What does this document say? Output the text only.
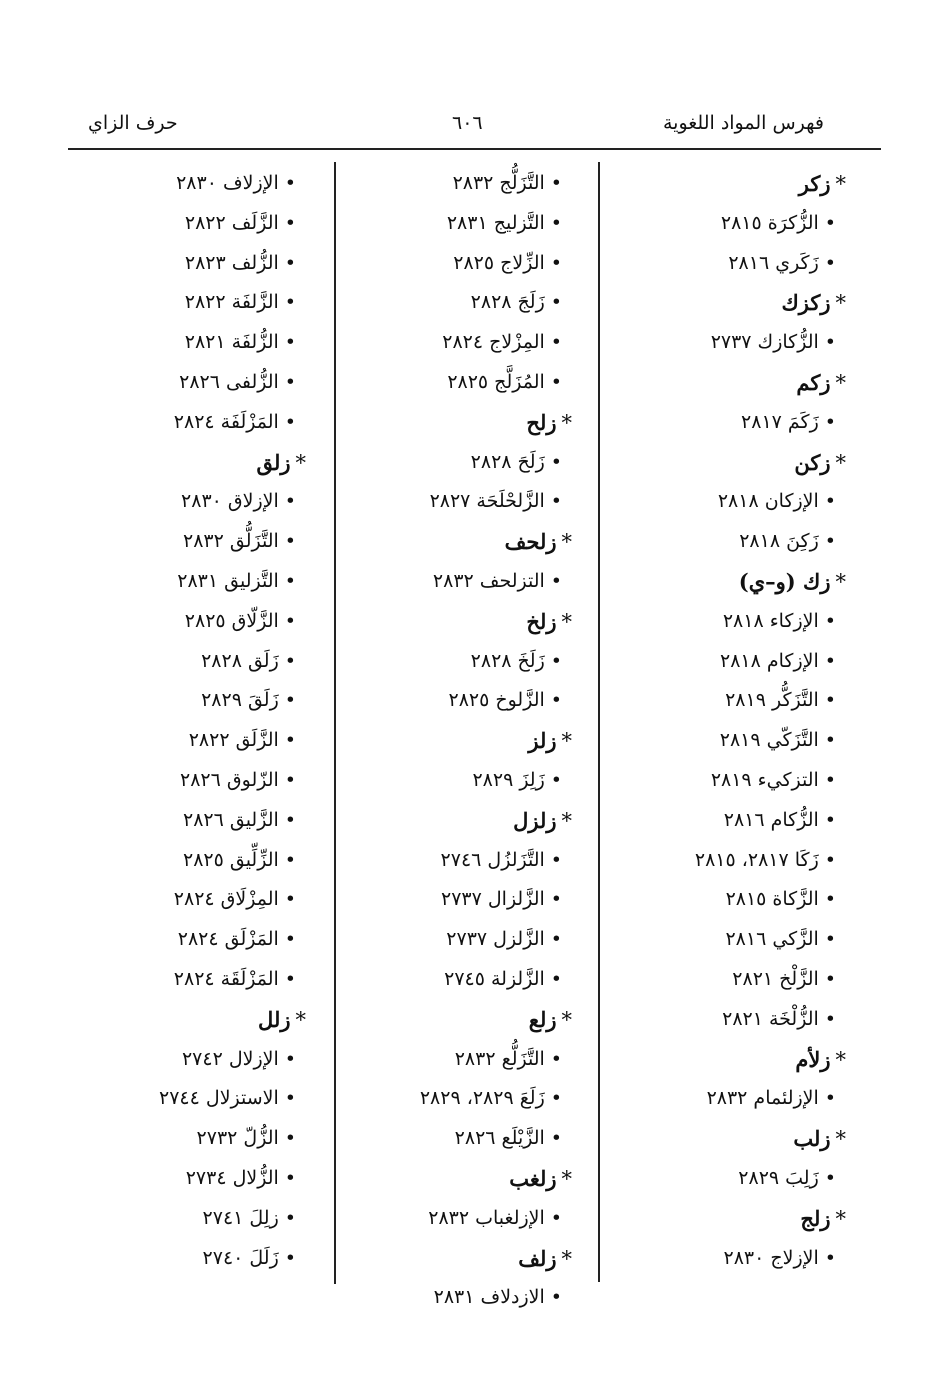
فهرس المواد اللغوية
٦٠٦
حرف الزاي
*زكر
•الزُّكرَة ٢٨١٥
•زَكَري ٢٨١٦
*زكزك
•الزُّكازك ٢٧٣٧
*زكم
•زَكَمَ ٢٨١٧
*زكن
•الإزكان ٢٨١٨
•زَكِنَ ٢٨١٨
*زك (و–ي)
•الإزكاء ٢٨١٨
•الإزكام ٢٨١٨
•التَّزَكُّر ٢٨١٩
•التَّزَكّي ٢٨١٩
•التزكيء ٢٨١٩
•الزُّكام ٢٨١٦
•زَكَا ٢٨١٧، ٢٨١٥
•الزَّكاة ٢٨١٥
•الزَّكي ٢٨١٦
•الزَّلْخ ٢٨٢١
•الزُّلْخَة ٢٨٢١
*زلأم
•الإزلئمام ٢٨٣٢
*زلب
•زَلِبَ ٢٨٢٩
*زلج
•الإزلاج ٢٨٣٠
•التَّزَلُّج ٢٨٣٢
•التَّزليج ٢٨٣١
•الزِّلاج ٢٨٢٥
•زَلَجَ ٢٨٢٨
•المِزْلاج ٢٨٢٤
•المُزَلَّج ٢٨٢٥
*زلح
•زَلَحَ ٢٨٢٨
•الزَّلحْلَحَة ٢٨٢٧
*زلحف
•التزلحف ٢٨٣٢
*زلخ
•زَلَخَ ٢٨٢٨
•الزَّلوخ ٢٨٢٥
*زلز
•زَلِزَ ٢٨٢٩
*زلزل
•التَّزَلزُل ٢٧٤٦
•الزَّلزال ٢٧٣٧
•الزَّلزل ٢٧٣٧
•الزَّلزلة ٢٧٤٥
*زلع
•التَّزَلُّع ٢٨٣٢
•زَلَعَ ٢٨٢٩، ٢٨٢٩
•الزَّيْلَع ٢٨٢٦
*زلغب
•الإزلغباب ٢٨٣٢
*زلف
•الازدلاف ٢٨٣١
•الإزلاف ٢٨٣٠
•الزَّلَف ٢٨٢٢
•الزُّلف ٢٨٢٣
•الزَّلفَة ٢٨٢٢
•الزُّلفَة ٢٨٢١
•الزُّلفى ٢٨٢٦
•المَزْلَفَة ٢٨٢٤
*زلق
•الإزلاق ٢٨٣٠
•التَّزَلُّق ٢٨٣٢
•التَّزليق ٢٨٣١
•الزَّلّاق ٢٨٢٥
•زَلَق ٢٨٢٨
•زَلَقَ ٢٨٢٩
•الزَّلَق ٢٨٢٢
•الزّلوق ٢٨٢٦
•الزَّليق ٢٨٢٦
•الزِّلِّيق ٢٨٢٥
•المِزْلَاق ٢٨٢٤
•المَزْلَق ٢٨٢٤
•المَزْلَقَة ٢٨٢٤
*زلل
•الإزلال ٢٧٤٢
•الاستزلال ٢٧٤٤
•الزُّلّ ٢٧٣٢
•الزُّلال ٢٧٣٤
•زلِلَ ٢٧٤١
•زَلَلَ ٢٧٤٠
